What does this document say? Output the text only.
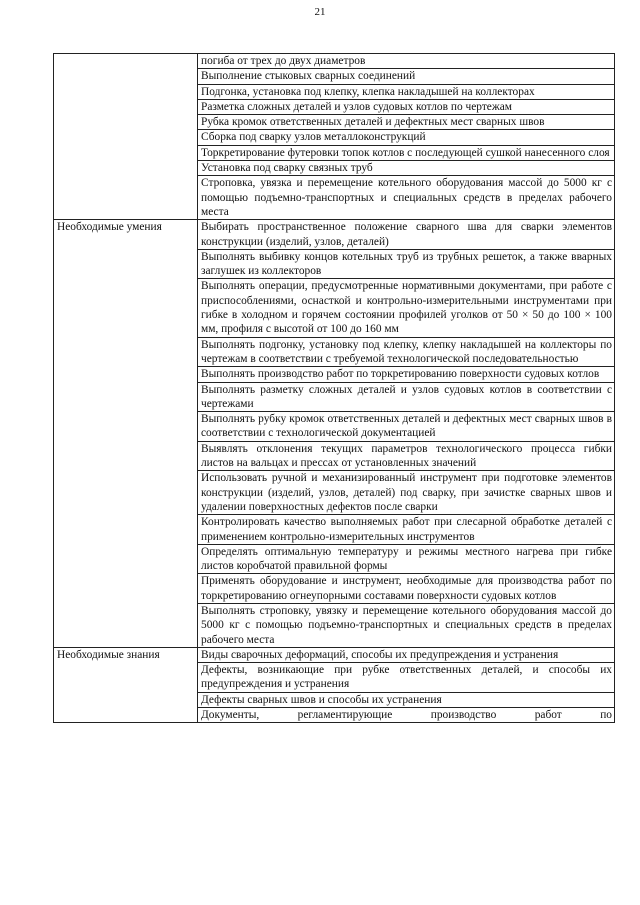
21
	погиба от трех до двух диаметров
	Выполнение стыковых сварных соединений
	Подгонка, установка под клепку, клепка накладышей на коллекторах
	Разметка сложных деталей и узлов судовых котлов по чертежам
	Рубка кромок ответственных деталей и дефектных мест сварных швов
	Сборка под сварку узлов металлоконструкций
	Торкретирование футеровки топок котлов с последующей сушкой нанесенного слоя
	Установка под сварку связных труб
	Строповка, увязка и перемещение котельного оборудования массой до 5000 кг с помощью подъемно-транспортных и специальных средств в пределах рабочего места
Необходимые умения	Выбирать пространственное положение сварного шва для сварки элементов конструкции (изделий, узлов, деталей)
	Выполнять выбивку концов котельных труб из трубных решеток, а также вварных заглушек из коллекторов
	Выполнять операции, предусмотренные нормативными документами, при работе с приспособлениями, оснасткой и контрольно-измерительными инструментами при гибке в холодном и горячем состоянии профилей уголков от 50 × 50 до 100 × 100 мм, профиля с высотой от 100 до 160 мм
	Выполнять подгонку, установку под клепку, клепку накладышей на коллекторы по чертежам в соответствии с требуемой технологической последовательностью
	Выполнять производство работ по торкретированию поверхности судовых котлов
	Выполнять разметку сложных деталей и узлов судовых котлов в соответствии с чертежами
	Выполнять рубку кромок ответственных деталей и дефектных мест сварных швов в соответствии с технологической документацией
	Выявлять отклонения текущих параметров технологического процесса гибки листов на вальцах и прессах от установленных значений
	Использовать ручной и механизированный инструмент при подготовке элементов конструкции (изделий, узлов, деталей) под сварку, при зачистке сварных швов и удалении поверхностных дефектов после сварки
	Контролировать качество выполняемых работ при слесарной обработке деталей с применением контрольно-измерительных инструментов
	Определять оптимальную температуру и режимы местного нагрева при гибке листов коробчатой правильной формы
	Применять оборудование и инструмент, необходимые для производства работ по торкретированию огнеупорными составами поверхности судовых котлов
	Выполнять строповку, увязку и перемещение котельного оборудования массой до 5000 кг с помощью подъемно-транспортных и специальных средств в пределах рабочего места
Необходимые знания	Виды сварочных деформаций, способы их предупреждения и устранения
	Дефекты, возникающие при рубке ответственных деталей, и способы их предупреждения и устранения
	Дефекты сварных швов и способы их устранения
	Документы, регламентирующие производство работ по
